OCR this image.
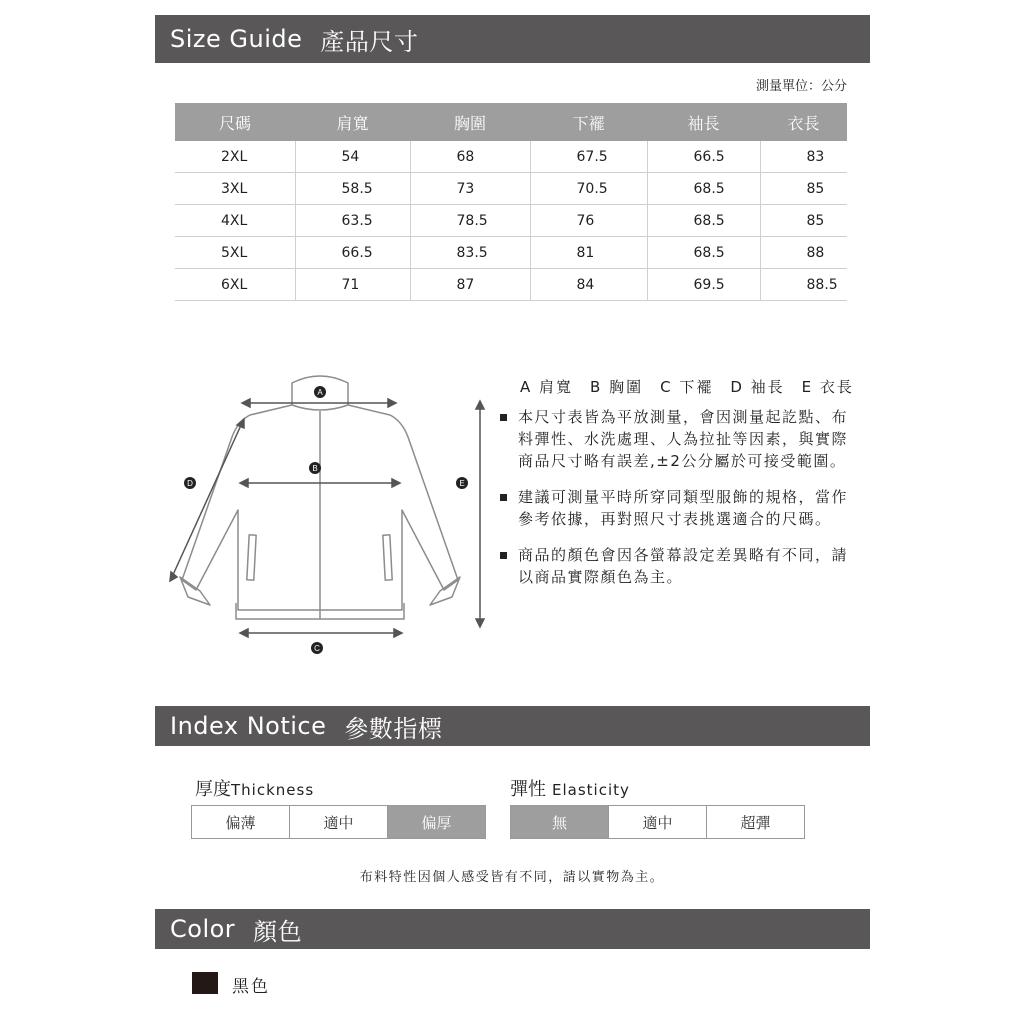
Size Guide 產品尺寸
測量單位：公分
尺碼	肩寬	胸圍	下襬	袖長	衣長
2XL	54	68	67.5	66.5	83
3XL	58.5	73	70.5	68.5	85
4XL	63.5	78.5	76	68.5	85
5XL	66.5	83.5	81	68.5	88
6XL	71	87	84	69.5	88.5
A
B
C
D	E
A 肩寬　B 胸圍　C 下襬　D 袖長　E 衣長
本尺寸表皆為平放測量，會因測量起訖點、布料彈性、水洗處理、人為拉扯等因素，與實際商品尺寸略有誤差,±2公分屬於可接受範圍。
建議可測量平時所穿同類型服飾的規格，當作參考依據，再對照尺寸表挑選適合的尺碼。
商品的顏色會因各螢幕設定差異略有不同，請以商品實際顏色為主。
Index Notice 參數指標
厚度Thickness	彈性 Elasticity
偏薄	適中	偏厚	無	適中	超彈
布料特性因個人感受皆有不同，請以實物為主。
Color 顏色
黑色
